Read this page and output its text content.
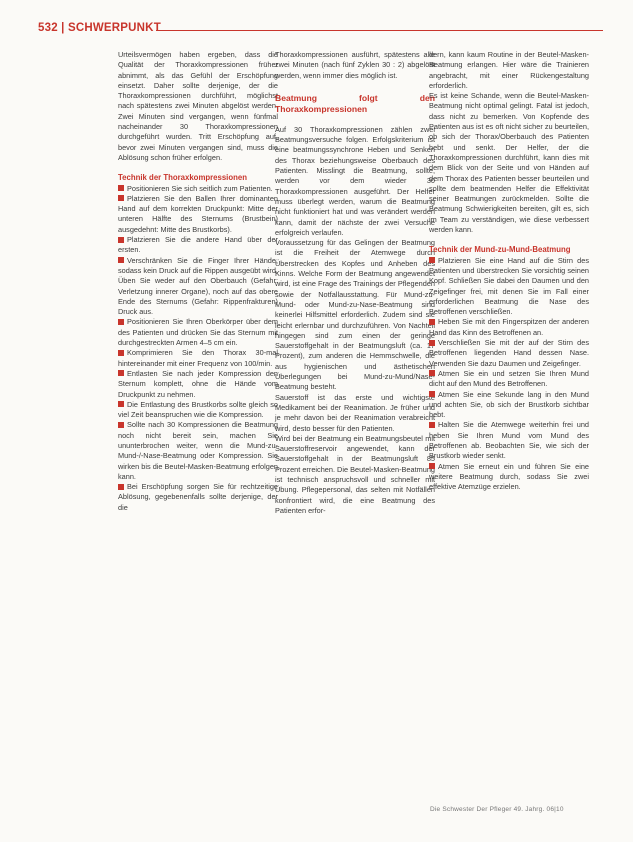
532 | SCHWERPUNKT

Urteilsvermögen haben ergeben, dass die Qualität der Thoraxkompressionen früher abnimmt, als das Gefühl der Erschöpfung einsetzt. Daher sollte derjenige, der die Thoraxkompressionen durchführt, möglichst nach spätestens zwei Minuten abgelöst werden. Zwei Minuten sind vergangen, wenn fünfmal nacheinander 30 Thoraxkompressionen durchgeführt wurden. Tritt Erschöpfung auf, bevor zwei Minuten vergangen sind, muss die Ablösung schon früher erfolgen.

Technik der Thoraxkompressionen

Positionieren Sie sich seitlich zum Patienten.

Platzieren Sie den Ballen Ihrer dominanten Hand auf dem korrekten Druckpunkt: Mitte der unteren Hälfte des Sternums (Brustbein) ausgedehnt: Mitte des Brustkorbs).

Platzieren Sie die andere Hand über der ersten.

Verschränken Sie die Finger Ihrer Hände, sodass kein Druck auf die Rippen ausgeübt wird. Üben Sie weder auf den Oberbauch (Gefahr: Verletzung innerer Organe), noch auf das obere Ende des Sternums (Gefahr: Rippenfrakturen) Druck aus.

Positionieren Sie Ihren Oberkörper über dem des Patienten und drücken Sie das Sternum mit durchgestreckten Armen 4–5 cm ein.

Komprimieren Sie den Thorax 30-mal hintereinander mit einer Frequenz von 100/min.

Entlasten Sie nach jeder Kompression den Sternum komplett, ohne die Hände vom Druckpunkt zu nehmen.

Die Entlastung des Brustkorbs sollte gleich so viel Zeit beanspruchen wie die Kompression.

Sollte nach 30 Kompressionen die Beatmung noch nicht bereit sein, machen Sie ununterbrochen weiter, wenn die Mund-zu-Mund-/-Nase-Beatmung oder Kompression. Sie wirken bis die Beutel-Masken-Beatmung erfolgen kann.

Bei Erschöpfung sorgen Sie für rechtzeitige Ablösung, gegebenenfalls sollte derjenige, der die

Thoraxkompressionen ausführt, spätestens alle zwei Minuten (nach fünf Zyklen 30 : 2) abgelöst werden, wenn immer dies möglich ist.

Beatmung folgt den Thoraxkompressionen

Auf 30 Thoraxkompressionen zählen zwei Beatmungsversuche folgen. Erfolgskriterium ist eine beatmungssynchrone Heben und Senken des Thorax beziehungsweise Oberbauch des Patienten. Misslingt die Beatmung, sollte, werden vor dem wieder 30 Thoraxkompressionen ausgeführt. Der Helfer muss überlegt werden, warum die Beatmung nicht funktioniert hat und was verändert werden kann, damit der nächste der zwei Versuche erfolgreich verlaufen.

Voraussetzung für das Gelingen der Beatmung ist die Freiheit der Atemwege durch Überstrecken des Kopfes und Anheben des Kinns. Welche Form der Beatmung angewendet wird, ist eine Frage des Trainings der Pflegenden sowie der Notfallausstattung. Für Mund-zu-Mund- oder Mund-zu-Nase-Beatmung sind keinerlei Hilfsmittel erforderlich. Zudem sind sie leicht erlernbar und durchzuführen. Von Nachteil hingegen sind zum einen der geringe Sauerstoffgehalt in der Beatmungsluft (ca. 17 Prozent), zum anderen die Hemmschwelle, die aus hygienischen und ästhetischen Überlegungen bei Mund-zu-Mund/Nase-Beatmung besteht.

Sauerstoff ist das erste und wichtigste Medikament bei der Reanimation. Je früher und je mehr davon bei der Reanimation verabreicht wird, desto besser für den Patienten.

Wird bei der Beatmung ein Beatmungsbeutel mit Sauerstoffreservoir angewendet, kann der Sauerstoffgehalt in der Beatmungsluft 85 Prozent erreichen. Die Beutel-Masken-Beatmung ist technisch anspruchsvoll und schneller mit Übung. Pflegepersonal, das selten mit Notfällen konfrontiert wird, die eine Beatmung des Patienten erfor-

dern, kann kaum Routine in der Beutel-Masken-Beatmung erlangen. Hier wäre die Trainieren angebracht, mit einer Rückengestaltung erforderlich.

Es ist keine Schande, wenn die Beutel-Masken-Beatmung nicht optimal gelingt. Fatal ist jedoch, dass nicht zu bemerken. Von Kopfende des Patienten aus ist es oft nicht sicher zu beurteilen, ob sich der Thorax/Oberbauch des Patienten hebt und senkt. Der Helfer, der die Thoraxkompressionen durchführt, kann dies mit dem Blick von der Seite und von Händen auf dem Thorax des Patienten besser beurteilen und sollte dem beatmenden Helfer die Effektivität seiner Beatmungen zurückmelden. Sollte die Beatmung Schwierigkeiten bereiten, gilt es, sich im Team zu verständigen, wie diese verbessert werden kann.

Technik der Mund-zu-Mund-Beatmung

Platzieren Sie eine Hand auf die Stirn des Patienten und überstrecken Sie vorsichtig seinen Kopf. Schließen Sie dabei den Daumen und den Zeigefinger frei, mit denen Sie im Fall einer erforderlichen Beatmung die Nase des Betroffenen verschließen.

Heben Sie mit den Fingerspitzen der anderen Hand das Kinn des Betroffenen an.

Verschließen Sie mit der auf der Stirn des Betroffenen liegenden Hand dessen Nase. Verwenden Sie dazu Daumen und Zeigefinger.

Atmen Sie ein und setzen Sie Ihren Mund dicht auf den Mund des Betroffenen.

Atmen Sie eine Sekunde lang in den Mund und achten Sie, ob sich der Brustkorb sichtbar hebt.

Halten Sie die Atemwege weiterhin frei und heben Sie Ihren Mund vom Mund des Betroffenen ab. Beobachten Sie, wie sich der Brustkorb wieder senkt.

Atmen Sie erneut ein und führen Sie eine weitere Beatmung durch, sodass Sie zwei effektive Atemzüge erzielen.

Die Schwester Der Pfleger 49. Jahrg. 06|10
